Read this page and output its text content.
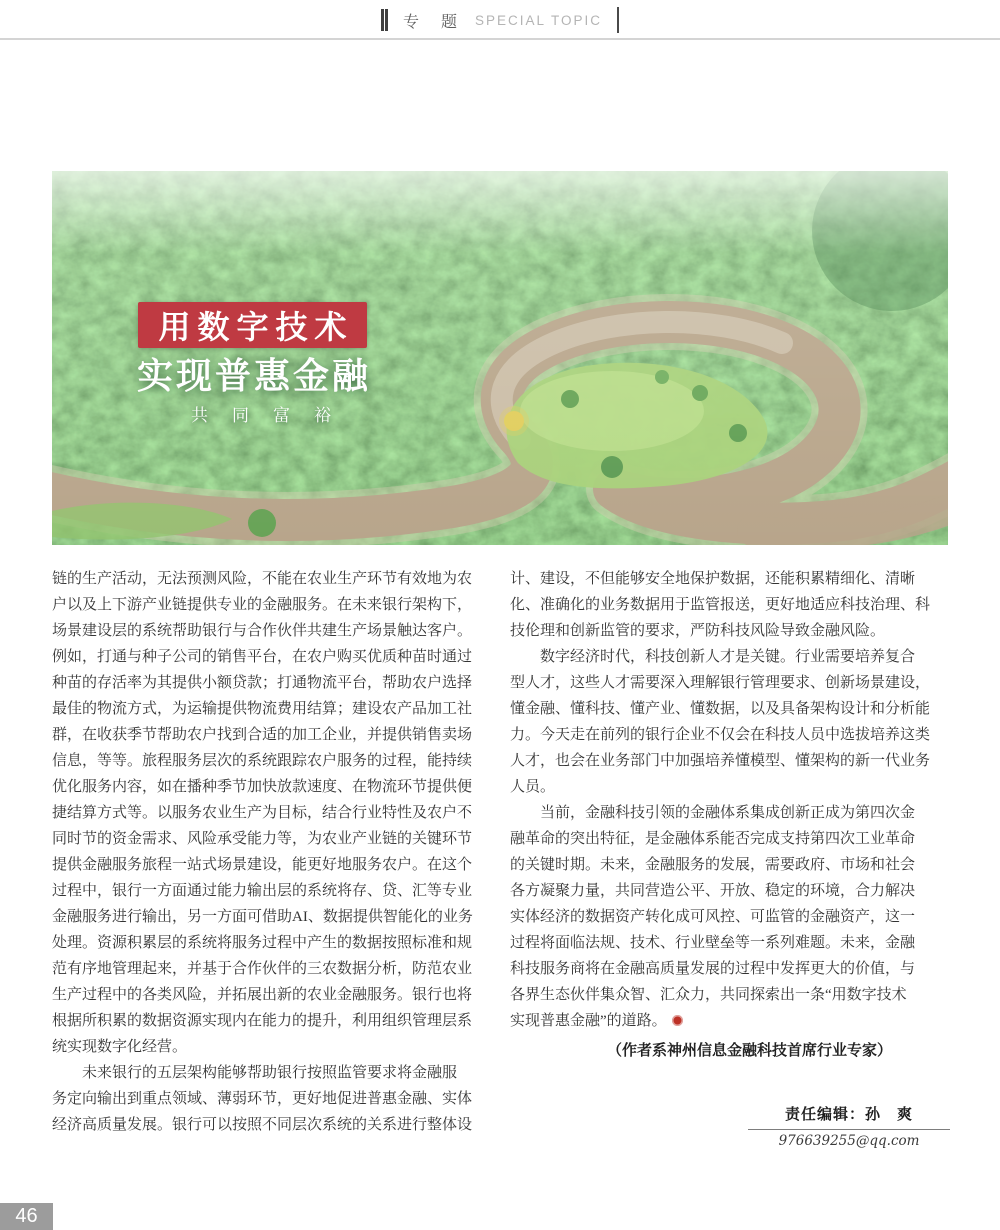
专　题 SPECIAL TOPIC
用数字技术
实现普惠金融
共同富裕
链的生产活动，无法预测风险，不能在农业生产环节有效地为农
户以及上下游产业链提供专业的金融服务。在未来银行架构下，
场景建设层的系统帮助银行与合作伙伴共建生产场景触达客户。
例如，打通与种子公司的销售平台，在农户购买优质种苗时通过
种苗的存活率为其提供小额贷款；打通物流平台，帮助农户选择
最佳的物流方式，为运输提供物流费用结算；建设农产品加工社
群，在收获季节帮助农户找到合适的加工企业，并提供销售卖场
信息，等等。旅程服务层次的系统跟踪农户服务的过程，能持续
优化服务内容，如在播种季节加快放款速度、在物流环节提供便
捷结算方式等。以服务农业生产为目标，结合行业特性及农户不
同时节的资金需求、风险承受能力等，为农业产业链的关键环节
提供金融服务旅程一站式场景建设，能更好地服务农户。在这个
过程中，银行一方面通过能力输出层的系统将存、贷、汇等专业
金融服务进行输出，另一方面可借助AI、数据提供智能化的业务
处理。资源积累层的系统将服务过程中产生的数据按照标准和规
范有序地管理起来，并基于合作伙伴的三农数据分析，防范农业
生产过程中的各类风险，并拓展出新的农业金融服务。银行也将
根据所积累的数据资源实现内在能力的提升，利用组织管理层系
统实现数字化经营。
　　未来银行的五层架构能够帮助银行按照监管要求将金融服
务定向输出到重点领域、薄弱环节，更好地促进普惠金融、实体
经济高质量发展。银行可以按照不同层次系统的关系进行整体设
计、建设，不但能够安全地保护数据，还能积累精细化、清晰
化、准确化的业务数据用于监管报送，更好地适应科技治理、科
技伦理和创新监管的要求，严防科技风险导致金融风险。
　　数字经济时代，科技创新人才是关键。行业需要培养复合
型人才，这些人才需要深入理解银行管理要求、创新场景建设，
懂金融、懂科技、懂产业、懂数据，以及具备架构设计和分析能
力。今天走在前列的银行企业不仅会在科技人员中选拔培养这类
人才，也会在业务部门中加强培养懂模型、懂架构的新一代业务
人员。
　　当前，金融科技引领的金融体系集成创新正成为第四次金
融革命的突出特征，是金融体系能否完成支持第四次工业革命
的关键时期。未来，金融服务的发展，需要政府、市场和社会
各方凝聚力量，共同营造公平、开放、稳定的环境，合力解决
实体经济的数据资产转化成可风控、可监管的金融资产，这一
过程将面临法规、技术、行业壁垒等一系列难题。未来，金融
科技服务商将在金融高质量发展的过程中发挥更大的价值，与
各界生态伙伴集众智、汇众力，共同探索出一条“用数字技术
实现普惠金融”的道路。
（作者系神州信息金融科技首席行业专家）
责任编辑：孙　爽
976639255@qq.com
46
